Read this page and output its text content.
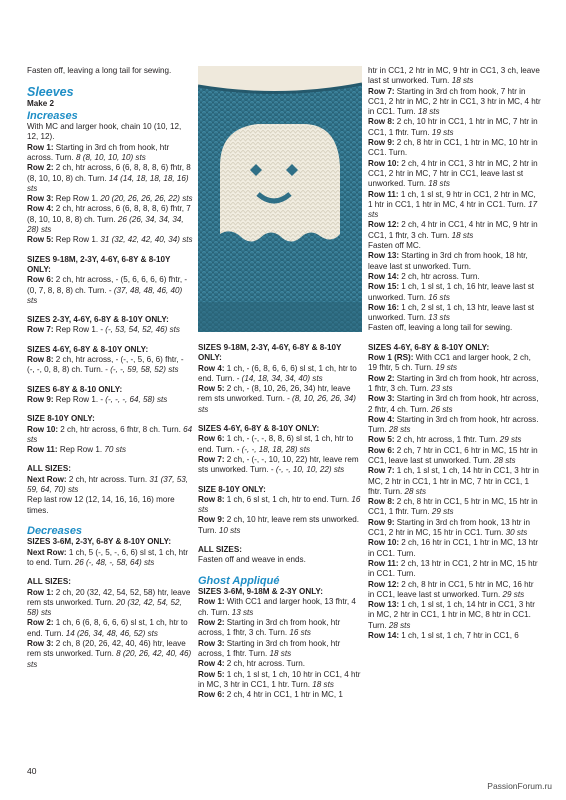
Fasten off, leaving a long tail for sewing.

Sleeves

Make 2

Increases

With MC and larger hook, chain 10 (10, 12, 12, 12).

Row 1: Starting in 3rd ch from hook, htr across. Turn. 8 (8, 10, 10, 10) sts

Row 2: 2 ch, htr across, 6 (6, 8, 8, 8, 6) fhtr, 8 (8, 10, 10, 8) ch. Turn. 14 (14, 18, 18, 18, 16) sts

Row 3: Rep Row 1. 20 (20, 26, 26, 26, 22) sts

Row 4: 2 ch, htr across, 6 (6, 8, 8, 8, 6) fhtr, 7 (8, 10, 10, 8, 8) ch. Turn. 26 (26, 34, 34, 34, 28) sts

Row 5: Rep Row 1. 31 (32, 42, 42, 40, 34) sts

SIZES 9-18M, 2-3Y, 4-6Y, 6-8Y & 8-10Y ONLY:

Row 6: 2 ch, htr across, - (5, 6, 6, 6, 6) fhtr, - (0, 7, 8, 8, 8) ch. Turn. - (37, 48, 48, 46, 40) sts

SIZES 2-3Y, 4-6Y, 6-8Y & 8-10Y ONLY:

Row 7: Rep Row 1. - (-, 53, 54, 52, 46) sts

SIZES 4-6Y, 6-8Y & 8-10Y ONLY:

Row 8: 2 ch, htr across, - (-, -, 5, 6, 6) fhtr, - (-, -, 0, 8, 8) ch. Turn. - (-, -, 59, 58, 52) sts

SIZES 6-8Y & 8-10 ONLY:

Row 9: Rep Row 1. - (-, -, -, 64, 58) sts

SIZE 8-10Y ONLY:

Row 10: 2 ch, htr across, 6 fhtr, 8 ch. Turn. 64 sts

Row 11: Rep Row 1. 70 sts

ALL SIZES:

Next Row: 2 ch, htr across. Turn. 31 (37, 53, 59, 64, 70) sts

Rep last row 12 (12, 14, 16, 16, 16) more times.

Decreases

SIZES 3-6M, 2-3Y, 6-8Y & 8-10Y ONLY:

Next Row: 1 ch, 5 (-, 5, -, 6, 6) sl st, 1 ch, htr to end. Turn. 26 (-, 48, -, 58, 64) sts

ALL SIZES:

Row 1: 2 ch, 20 (32, 42, 54, 52, 58) htr, leave rem sts unworked. Turn. 20 (32, 42, 54, 52, 58) sts

Row 2: 1 ch, 6 (6, 8, 6, 6, 6) sl st, 1 ch, htr to end. Turn. 14 (26, 34, 48, 46, 52) sts

Row 3: 2 ch, 8 (20, 26, 42, 40, 46) htr, leave rem sts unworked. Turn. 8 (20, 26, 42, 40, 46) sts

SIZES 9-18M, 2-3Y, 4-6Y, 6-8Y & 8-10Y ONLY:

Row 4: 1 ch, - (6, 8, 6, 6, 6) sl st, 1 ch, htr to end. Turn. - (14, 18, 34, 34, 40) sts

Row 5: 2 ch, - (8, 10, 26, 26, 34) htr, leave rem sts unworked. Turn. - (8, 10, 26, 26, 34) sts

SIZES 4-6Y, 6-8Y & 8-10Y ONLY:

Row 6: 1 ch, - (-, -, 8, 8, 6) sl st, 1 ch, htr to end. Turn. - (-, -, 18, 18, 28) sts

Row 7: 2 ch, - (-, -, 10, 10, 22) htr, leave rem sts unworked. Turn. - (-, -, 10, 10, 22) sts

SIZE 8-10Y ONLY:

Row 8: 1 ch, 6 sl st, 1 ch, htr to end. Turn. 16 sts

Row 9: 2 ch, 10 htr, leave rem sts unworked. Turn. 10 sts

ALL SIZES:

Fasten off and weave in ends.

Ghost Appliqué

SIZES 3-6M, 9-18M & 2-3Y ONLY:

Row 1: With CC1 and larger hook, 13 fhtr, 4 ch. Turn. 13 sts

Row 2: Starting in 3rd ch from hook, htr across, 1 fhtr, 3 ch. Turn. 16 sts

Row 3: Starting in 3rd ch from hook, htr across, 1 fhtr. Turn. 18 sts

Row 4: 2 ch, htr across. Turn.

Row 5: 1 ch, 1 sl st, 1 ch, 10 htr in CC1, 4 htr in MC, 3 htr in CC1, 1 htr. Turn. 18 sts

Row 6: 2 ch, 4 htr in CC1, 1 htr in MC, 1

htr in CC1, 2 htr in MC, 9 htr in CC1, 3 ch, leave last st unworked. Turn. 18 sts

Row 7: Starting in 3rd ch from hook, 7 htr in CC1, 2 htr in MC, 2 htr in CC1, 3 htr in MC, 4 htr in CC1. Turn. 18 sts

Row 8: 2 ch, 10 htr in CC1, 1 htr in MC, 7 htr in CC1, 1 fhtr. Turn. 19 sts

Row 9: 2 ch, 8 htr in CC1, 1 htr in MC, 10 htr in CC1. Turn.

Row 10: 2 ch, 4 htr in CC1, 3 htr in MC, 2 htr in CC1, 2 htr in MC, 7 htr in CC1, leave last st unworked. Turn. 18 sts

Row 11: 1 ch, 1 sl st, 9 htr in CC1, 2 htr in MC, 1 htr in CC1, 1 htr in MC, 4 htr in CC1. Turn. 17 sts

Row 12: 2 ch, 4 htr in CC1, 4 htr in MC, 9 htr in CC1, 1 fhtr, 3 ch. Turn. 18 sts

Fasten off MC.

Row 13: Starting in 3rd ch from hook, 18 htr, leave last st unworked. Turn.

Row 14: 2 ch, htr across. Turn.

Row 15: 1 ch, 1 sl st, 1 ch, 16 htr, leave last st unworked. Turn. 16 sts

Row 16: 1 ch, 2 sl st, 1 ch, 13 htr, leave last st unworked. Turn. 13 sts

Fasten off, leaving a long tail for sewing.

SIZES 4-6Y, 6-8Y & 8-10Y ONLY:

Row 1 (RS): With CC1 and larger hook, 2 ch, 19 fhtr, 5 ch. Turn. 19 sts

Row 2: Starting in 3rd ch from hook, htr across, 1 fhtr, 3 ch. Turn. 23 sts

Row 3: Starting in 3rd ch from hook, htr across, 2 fhtr, 4 ch. Turn. 26 sts

Row 4: Starting in 3rd ch from hook, htr across. Turn. 28 sts

Row 5: 2 ch, htr across, 1 fhtr. Turn. 29 sts

Row 6: 2 ch, 7 htr in CC1, 6 htr in MC, 15 htr in CC1, leave last st unworked. Turn. 28 sts

Row 7: 1 ch, 1 sl st, 1 ch, 14 htr in CC1, 3 htr in MC, 2 htr in CC1, 1 htr in MC, 7 htr in CC1, 1 fhtr. Turn. 28 sts

Row 8: 2 ch, 8 htr in CC1, 5 htr in MC, 15 htr in CC1, 1 fhtr. Turn. 29 sts

Row 9: Starting in 3rd ch from hook, 13 htr in CC1, 2 htr in MC, 15 htr in CC1. Turn. 30 sts

Row 10: 2 ch, 16 htr in CC1, 1 htr in MC, 13 htr in CC1. Turn.

Row 11: 2 ch, 13 htr in CC1, 2 htr in MC, 15 htr in CC1. Turn.

Row 12: 2 ch, 8 htr in CC1, 5 htr in MC, 16 htr in CC1, leave last st unworked. Turn. 29 sts

Row 13: 1 ch, 1 sl st, 1 ch, 14 htr in CC1, 3 htr in MC, 2 htr in CC1, 1 htr in MC, 8 htr in CC1. Turn. 28 sts

Row 14: 1 ch, 1 sl st, 1 ch, 7 htr in CC1, 6

40
PassionForum.ru
